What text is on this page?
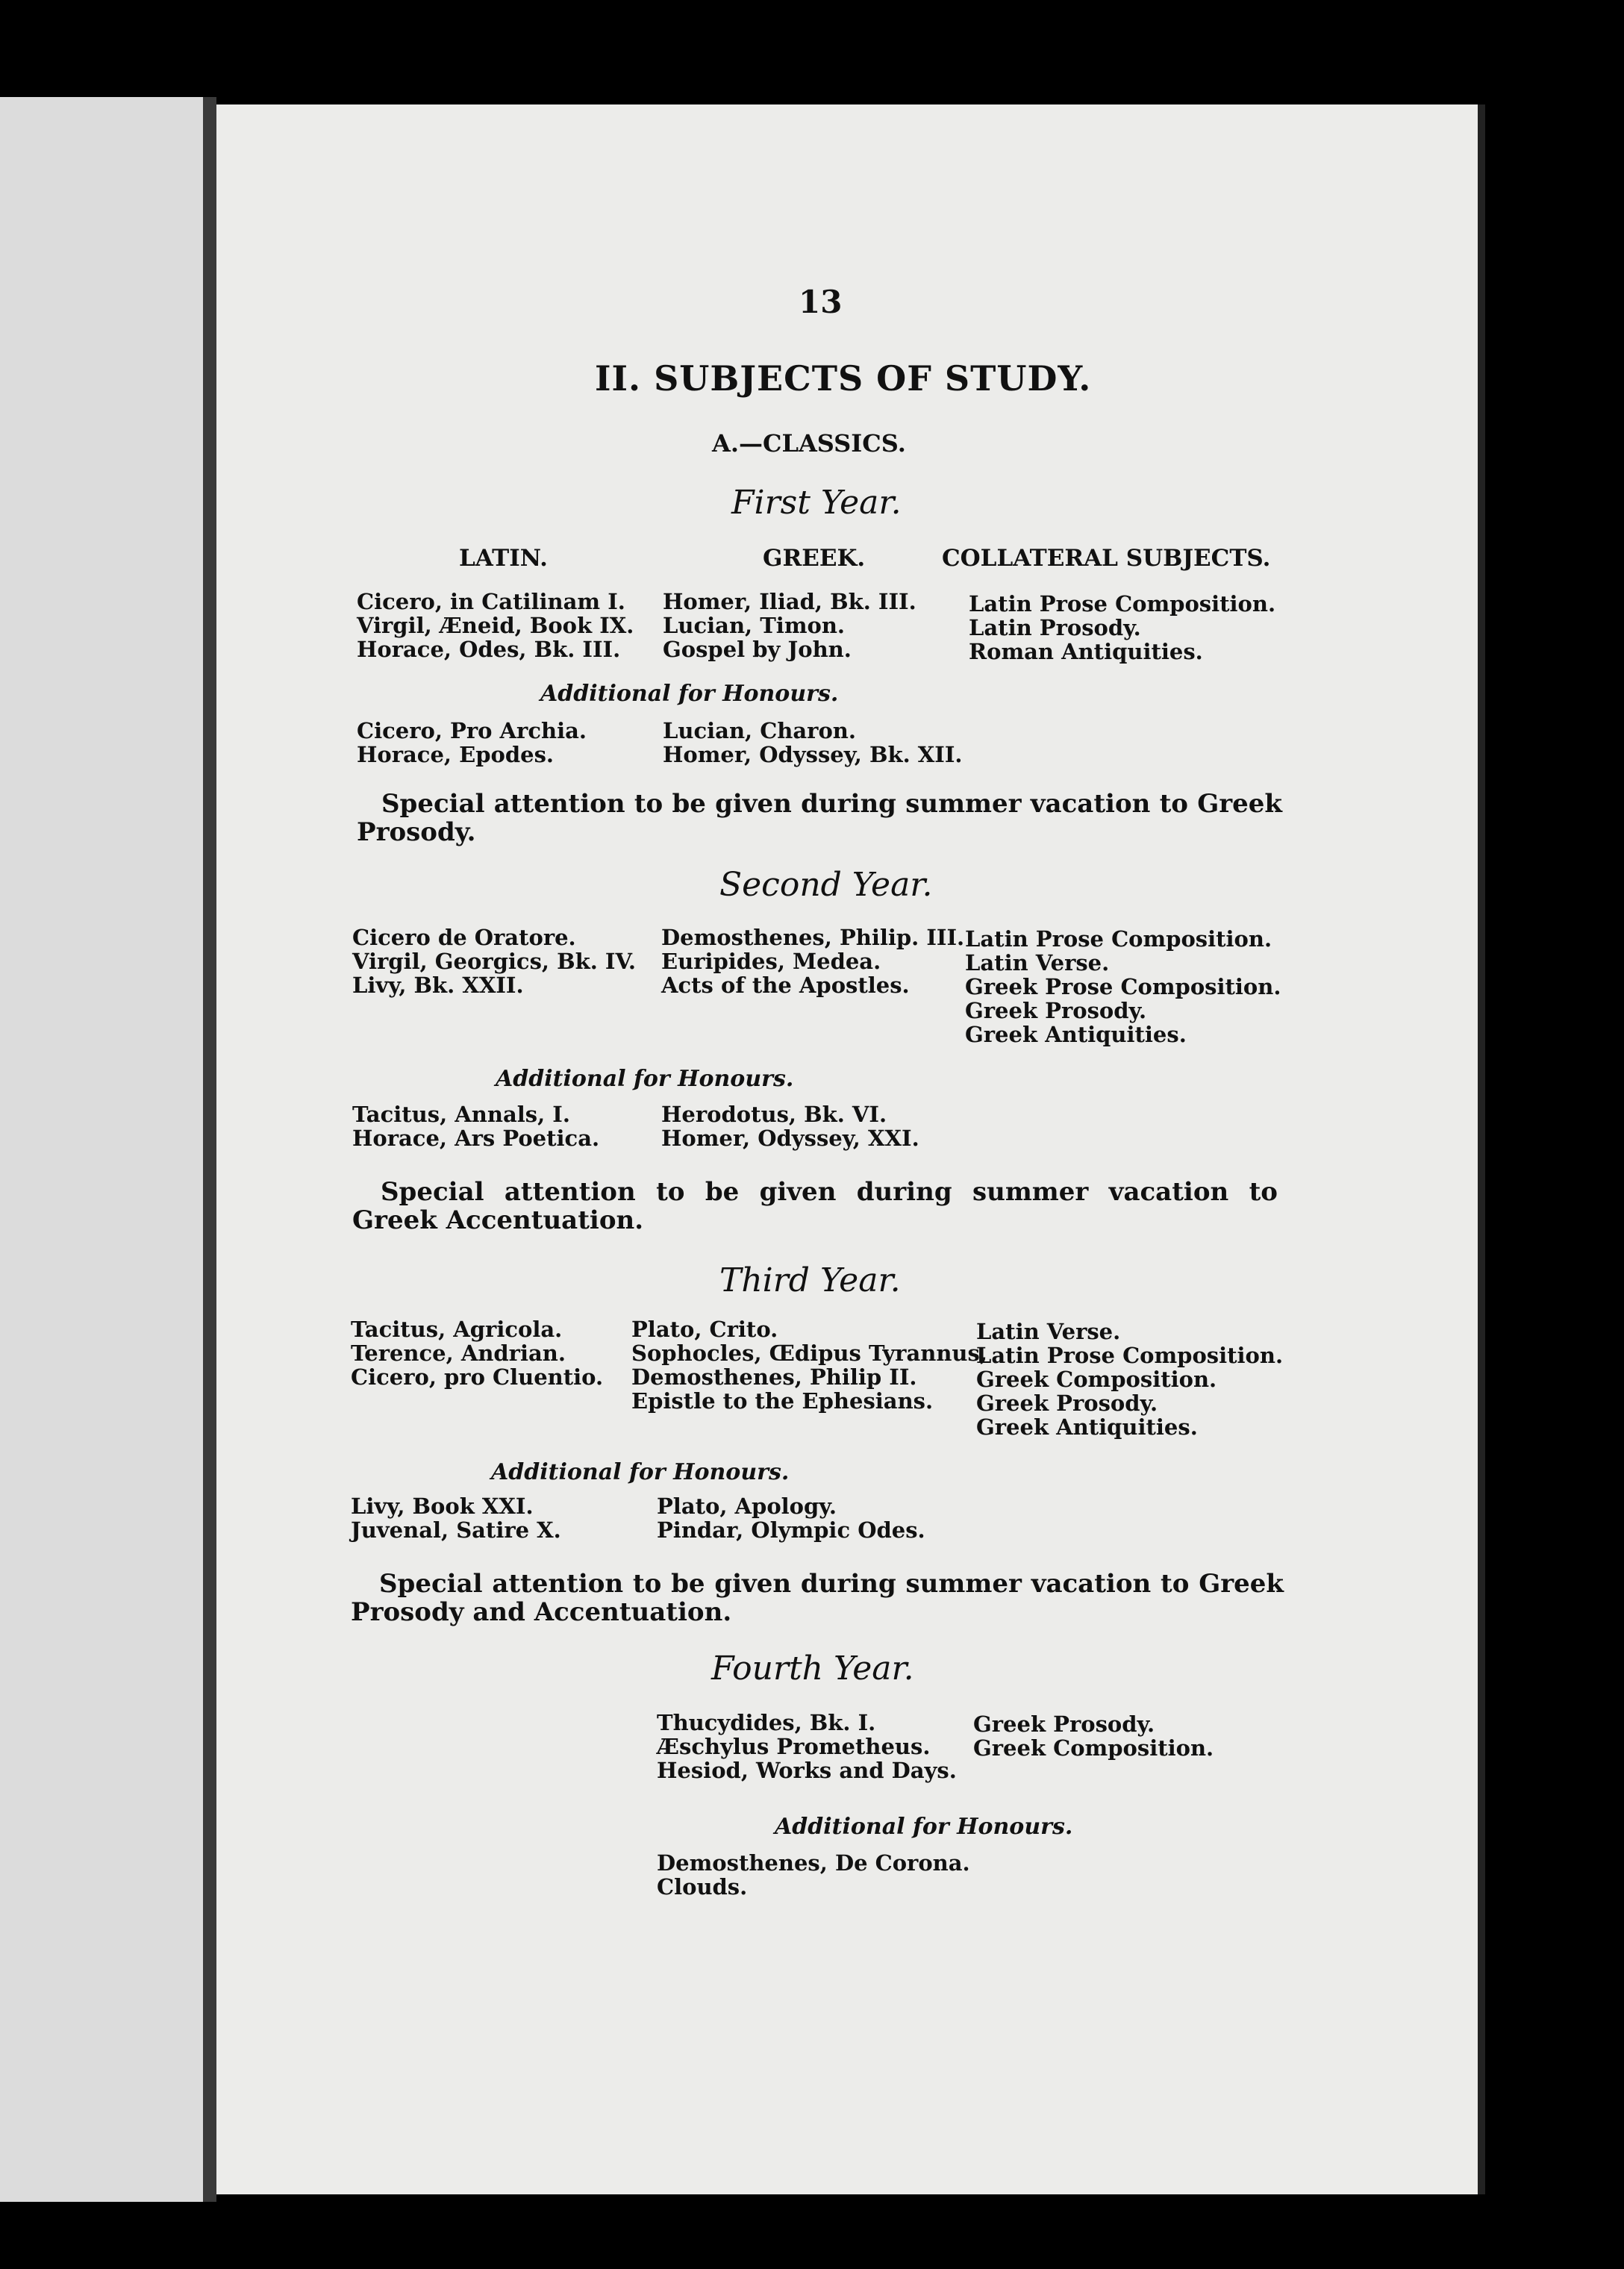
13
II. SUBJECTS OF STUDY.
A.—CLASSICS.
First Year.
LATIN.	GREEK.	COLLATERAL SUBJECTS.
Cicero, in Catilinam I.
Virgil, Æneid, Book IX.
Horace, Odes, Bk. III.
Homer, Iliad, Bk. III.
Lucian, Timon.
Gospel by John.
Latin Prose Composition.
Latin Prosody.
Roman Antiquities.
Additional for Honours.
Cicero, Pro Archia.
Horace, Epodes.
Lucian, Charon.
Homer, Odyssey, Bk. XII.
Special attention to be given during summer vacation to Greek Prosody.
Second Year.
Cicero de Oratore.
Virgil, Georgics, Bk. IV.
Livy, Bk. XXII.
Demosthenes, Philip. III.
Euripides, Medea.
Acts of the Apostles.
Latin Prose Composition.
Latin Verse.
Greek Prose Composition.
Greek Prosody.
Greek Antiquities.
Additional for Honours.
Tacitus, Annals, I.
Horace, Ars Poetica.
Herodotus, Bk. VI.
Homer, Odyssey, XXI.
Special attention to be given during summer vacation to Greek Accentuation.
Third Year.
Tacitus, Agricola.
Terence, Andrian.
Cicero, pro Cluentio.
Plato, Crito.
Sophocles, Œdipus Tyrannus,
Demosthenes, Philip II.
Epistle to the Ephesians.
Latin Verse.
Latin Prose Composition.
Greek Composition.
Greek Prosody.
Greek Antiquities.
Additional for Honours.
Livy, Book XXI.
Juvenal, Satire X.
Plato, Apology.
Pindar, Olympic Odes.
Special attention to be given during summer vacation to Greek Prosody and Accentuation.
Fourth Year.
Thucydides, Bk. I.
Æschylus Prometheus.
Hesiod, Works and Days.
Greek Prosody.
Greek Composition.
Additional for Honours.
Demosthenes, De Corona.
Clouds.
